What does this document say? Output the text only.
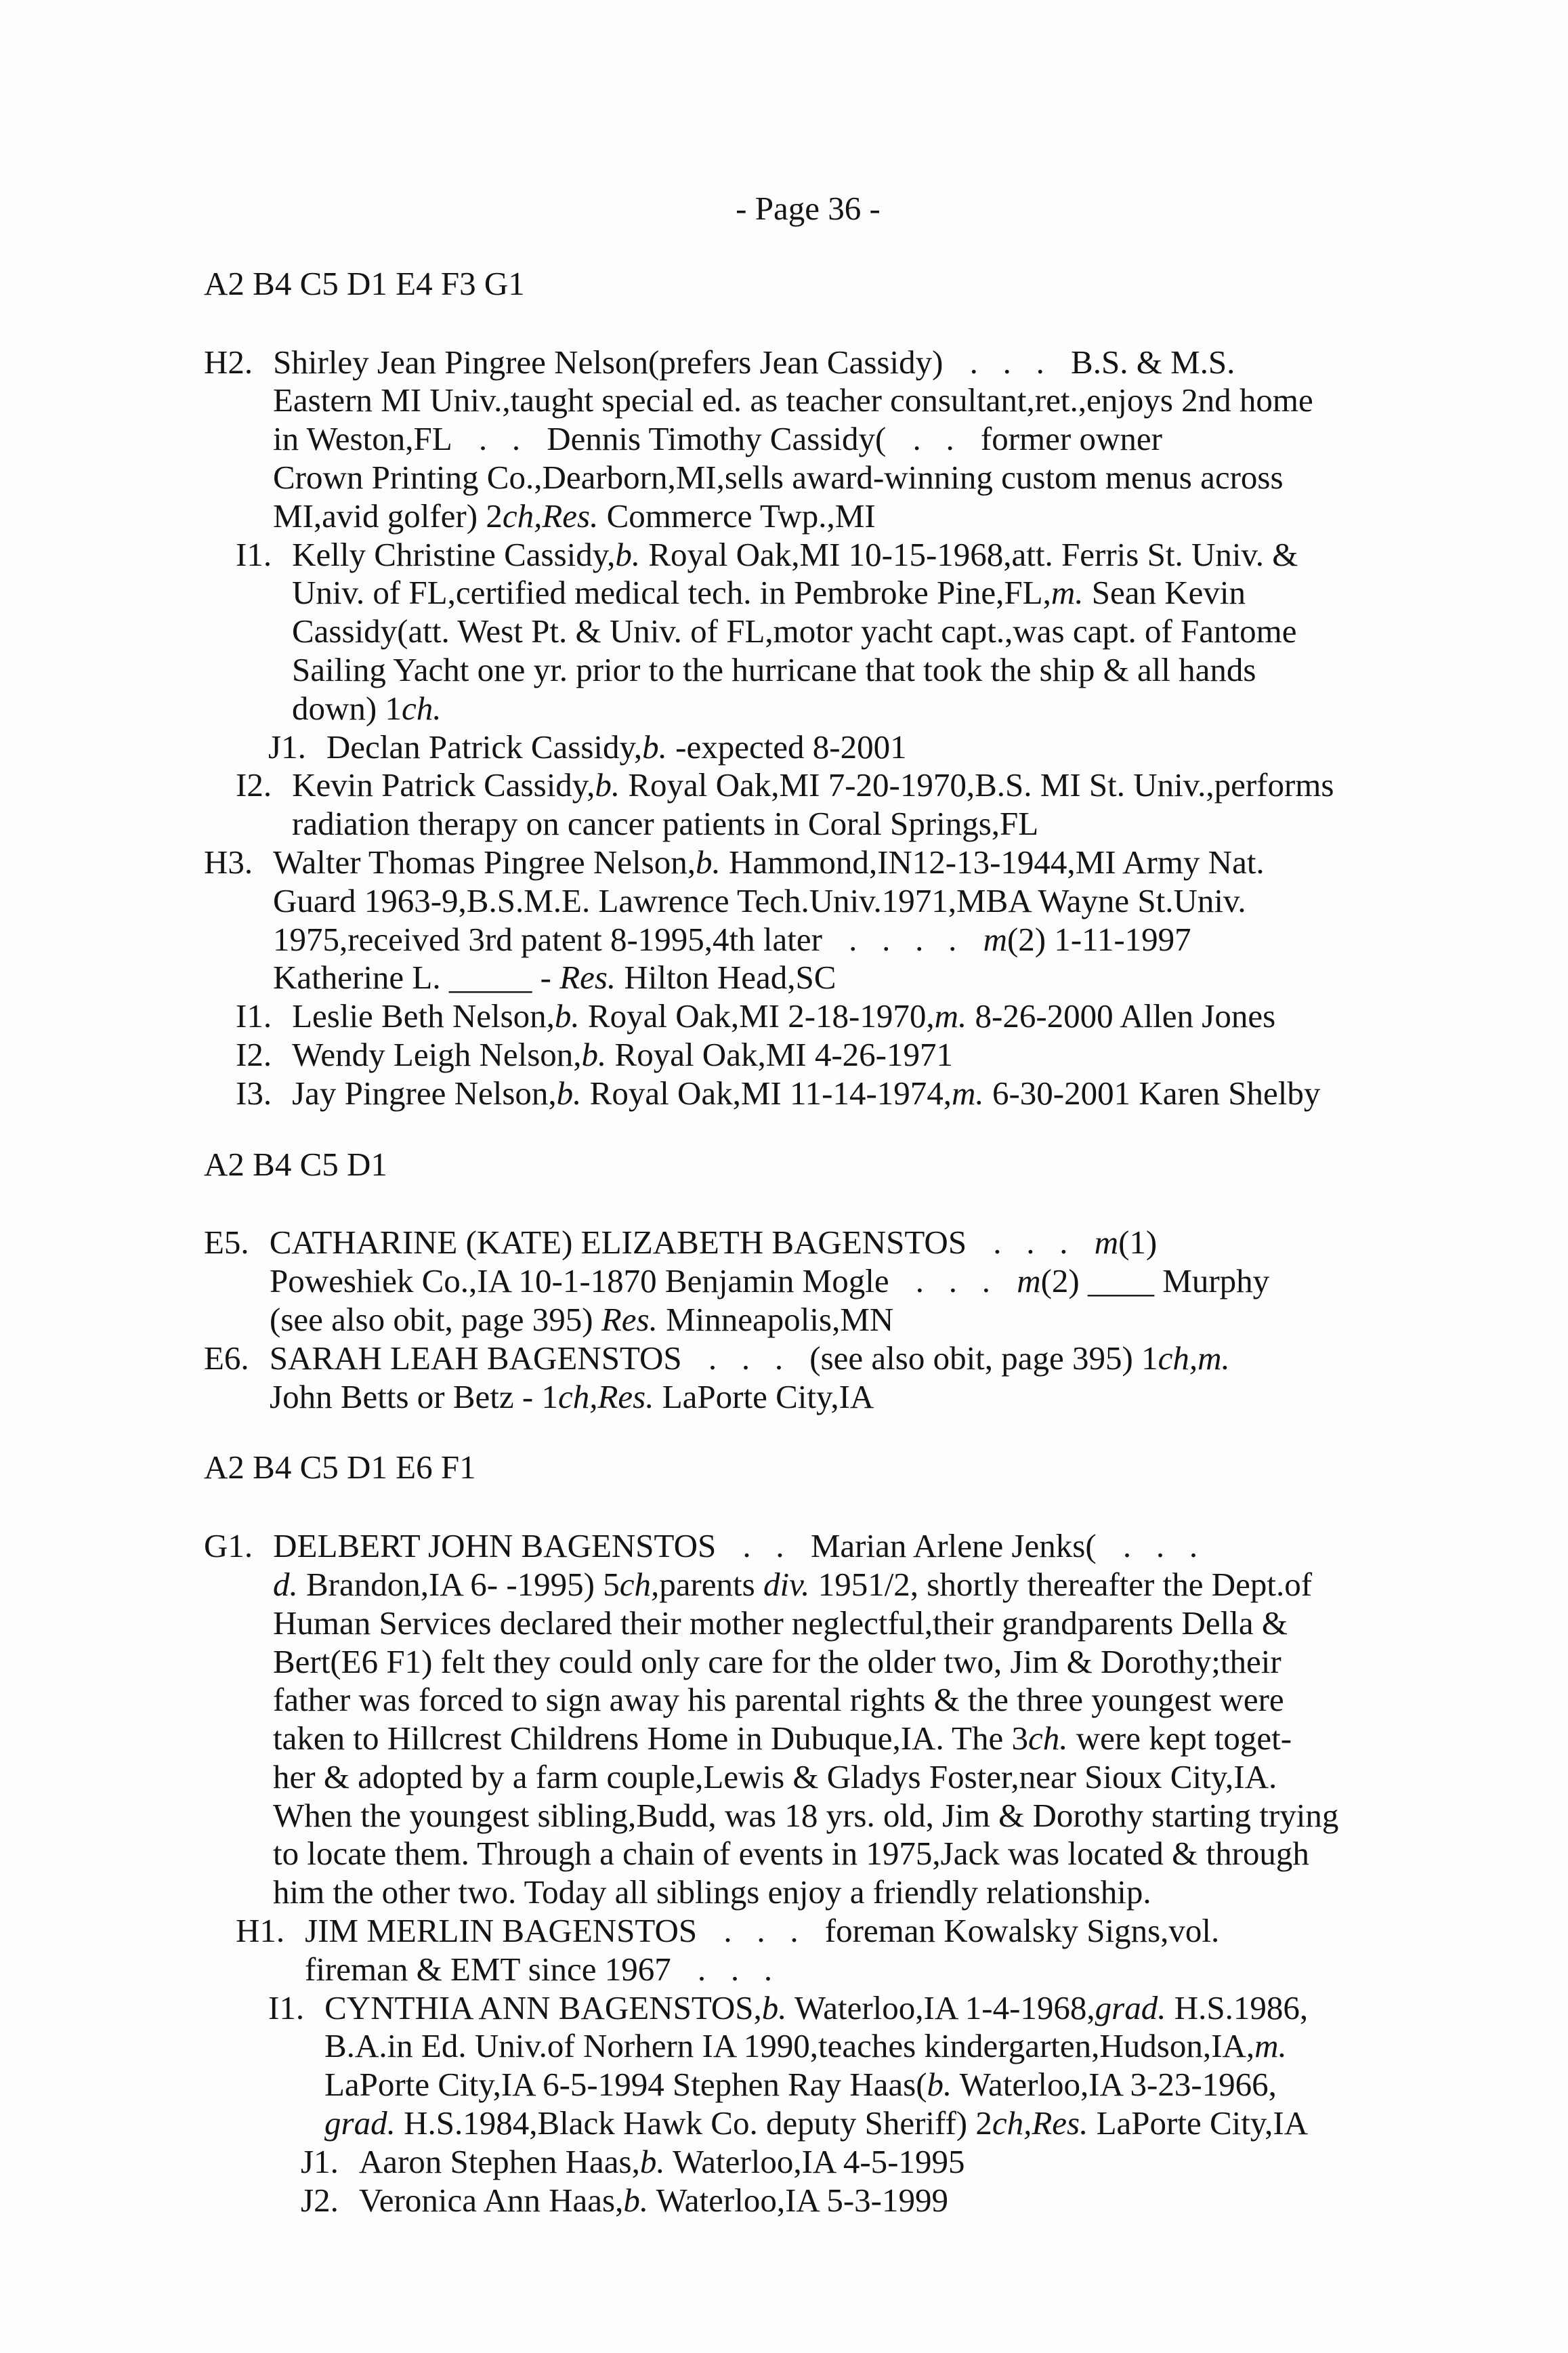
- Page 36 -
A2 B4 C5 D1 E4 F3 G1
H2. Shirley Jean Pingree Nelson(prefers Jean Cassidy) . . . B.S. & M.S.
Eastern MI Univ.,taught special ed. as teacher consultant,ret.,enjoys 2nd home
in Weston,FL . . Dennis Timothy Cassidy( . . former owner
Crown Printing Co.,Dearborn,MI,sells award-winning custom menus across
MI,avid golfer) 2ch,Res. Commerce Twp.,MI
I1. Kelly Christine Cassidy,b. Royal Oak,MI 10-15-1968,att. Ferris St. Univ. &
Univ. of FL,certified medical tech. in Pembroke Pine,FL,m. Sean Kevin
Cassidy(att. West Pt. & Univ. of FL,motor yacht capt.,was capt. of Fantome
Sailing Yacht one yr. prior to the hurricane that took the ship & all hands
down) 1ch.
J1. Declan Patrick Cassidy,b. -expected 8-2001
I2. Kevin Patrick Cassidy,b. Royal Oak,MI 7-20-1970,B.S. MI St. Univ.,performs
radiation therapy on cancer patients in Coral Springs,FL
H3. Walter Thomas Pingree Nelson,b. Hammond,IN12-13-1944,MI Army Nat.
Guard 1963-9,B.S.M.E. Lawrence Tech.Univ.1971,MBA Wayne St.Univ.
1975,received 3rd patent 8-1995,4th later . . . . m(2) 1-11-1997
Katherine L. _____ - Res. Hilton Head,SC
I1. Leslie Beth Nelson,b. Royal Oak,MI 2-18-1970,m. 8-26-2000 Allen Jones
I2. Wendy Leigh Nelson,b. Royal Oak,MI 4-26-1971
I3. Jay Pingree Nelson,b. Royal Oak,MI 11-14-1974,m. 6-30-2001 Karen Shelby
A2 B4 C5 D1
E5. CATHARINE (KATE) ELIZABETH BAGENSTOS . . . m(1)
Poweshiek Co.,IA 10-1-1870 Benjamin Mogle . . . m(2) ____ Murphy
(see also obit, page 395) Res. Minneapolis,MN
E6. SARAH LEAH BAGENSTOS . . . (see also obit, page 395) 1ch,m.
John Betts or Betz - 1ch,Res. LaPorte City,IA
A2 B4 C5 D1 E6 F1
G1. DELBERT JOHN BAGENSTOS . . Marian Arlene Jenks( . . .
d. Brandon,IA 6- -1995) 5ch,parents div. 1951/2, shortly thereafter the Dept.of
Human Services declared their mother neglectful,their grandparents Della &
Bert(E6 F1) felt they could only care for the older two, Jim & Dorothy;their
father was forced to sign away his parental rights & the three youngest were
taken to Hillcrest Childrens Home in Dubuque,IA. The 3ch. were kept toget-
her & adopted by a farm couple,Lewis & Gladys Foster,near Sioux City,IA.
When the youngest sibling,Budd, was 18 yrs. old, Jim & Dorothy starting trying
to locate them. Through a chain of events in 1975,Jack was located & through
him the other two. Today all siblings enjoy a friendly relationship.
H1. JIM MERLIN BAGENSTOS . . . foreman Kowalsky Signs,vol.
fireman & EMT since 1967 . . .
I1. CYNTHIA ANN BAGENSTOS,b. Waterloo,IA 1-4-1968,grad. H.S.1986,
B.A.in Ed. Univ.of Norhern IA 1990,teaches kindergarten,Hudson,IA,m.
LaPorte City,IA 6-5-1994 Stephen Ray Haas(b. Waterloo,IA 3-23-1966,
grad. H.S.1984,Black Hawk Co. deputy Sheriff) 2ch,Res. LaPorte City,IA
J1. Aaron Stephen Haas,b. Waterloo,IA 4-5-1995
J2. Veronica Ann Haas,b. Waterloo,IA 5-3-1999
